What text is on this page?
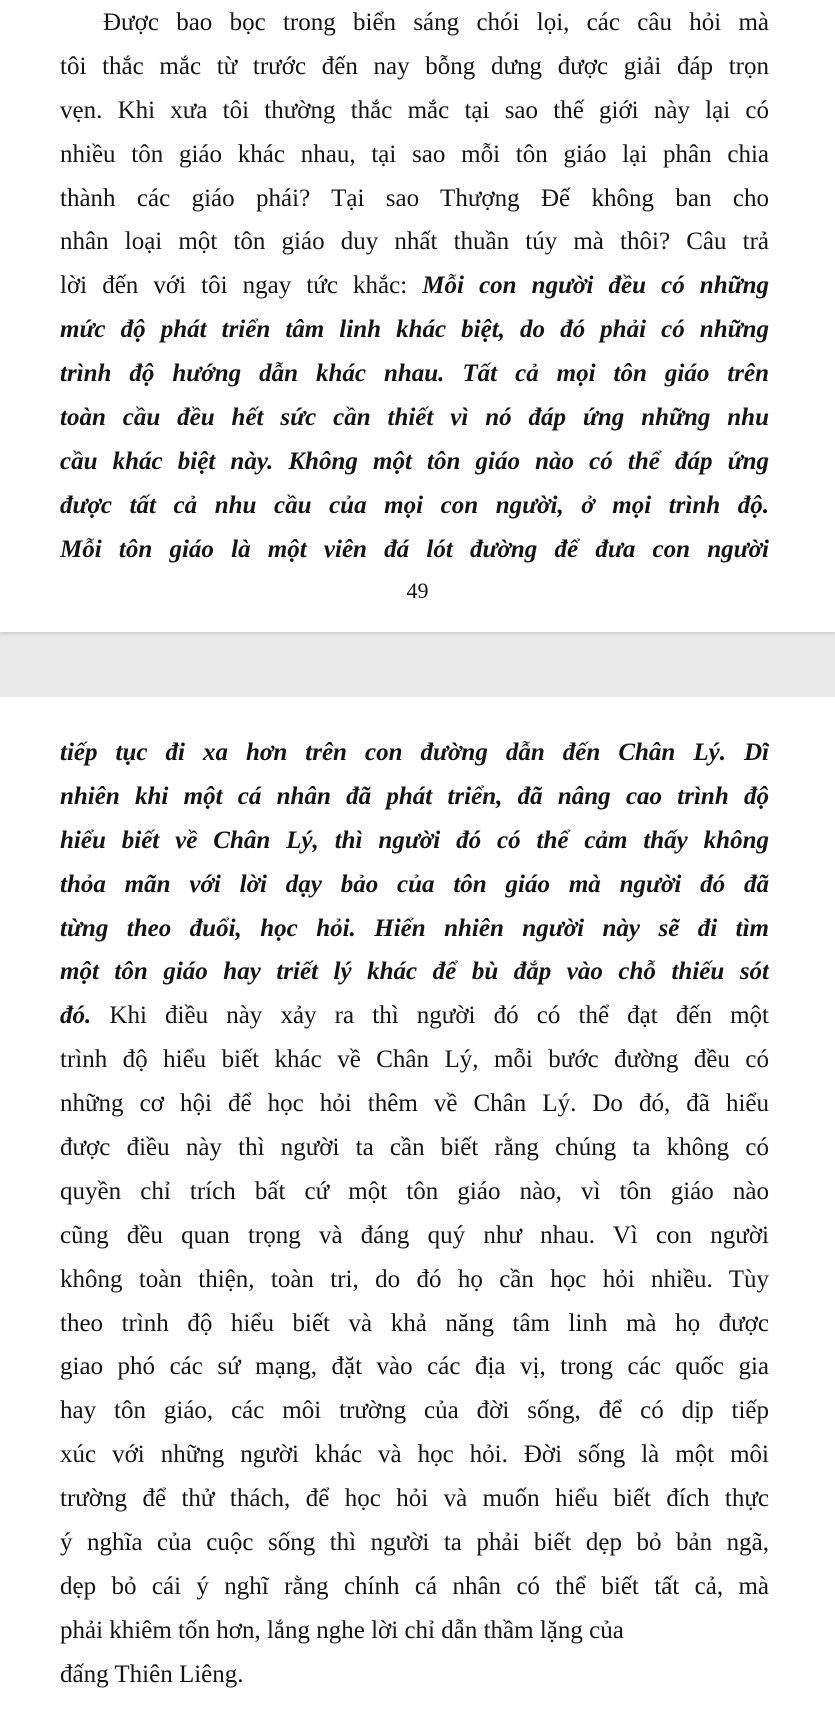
Được bao bọc trong biển sáng chói lọi, các câu hỏi mà
tôi thắc mắc từ trước đến nay bỗng dưng được giải đáp trọn
vẹn. Khi xưa tôi thường thắc mắc tại sao thế giới này lại có
nhiều tôn giáo khác nhau, tại sao mỗi tôn giáo lại phân chia
thành các giáo phái? Tại sao Thượng Đế không ban cho
nhân loại một tôn giáo duy nhất thuần túy mà thôi? Câu trả
lời đến với tôi ngay tức khắc: Mỗi con người đều có những
mức độ phát triển tâm linh khác biệt, do đó phải có những
trình độ hướng dẫn khác nhau. Tất cả mọi tôn giáo trên
toàn cầu đều hết sức cần thiết vì nó đáp ứng những nhu
cầu khác biệt này. Không một tôn giáo nào có thể đáp ứng
được tất cả nhu cầu của mọi con người, ở mọi trình độ.
Mỗi tôn giáo là một viên đá lót đường để đưa con người
49
tiếp tục đi xa hơn trên con đường dẫn đến Chân Lý. Dĩ
nhiên khi một cá nhân đã phát triển, đã nâng cao trình độ
hiểu biết về Chân Lý, thì người đó có thể cảm thấy không
thỏa mãn với lời dạy bảo của tôn giáo mà người đó đã
từng theo đuổi, học hỏi. Hiển nhiên người này sẽ đi tìm
một tôn giáo hay triết lý khác để bù đắp vào chỗ thiếu sót
đó. Khi điều này xảy ra thì người đó có thể đạt đến một
trình độ hiểu biết khác về Chân Lý, mỗi bước đường đều có
những cơ hội để học hỏi thêm về Chân Lý. Do đó, đã hiểu
được điều này thì người ta cần biết rằng chúng ta không có
quyền chỉ trích bất cứ một tôn giáo nào, vì tôn giáo nào
cũng đều quan trọng và đáng quý như nhau. Vì con người
không toàn thiện, toàn tri, do đó họ cần học hỏi nhiều. Tùy
theo trình độ hiểu biết và khả năng tâm linh mà họ được
giao phó các sứ mạng, đặt vào các địa vị, trong các quốc gia
hay tôn giáo, các môi trường của đời sống, để có dịp tiếp
xúc với những người khác và học hỏi. Đời sống là một môi
trường để thử thách, để học hỏi và muốn hiểu biết đích thực
ý nghĩa của cuộc sống thì người ta phải biết dẹp bỏ bản ngã,
dẹp bỏ cái ý nghĩ rằng chính cá nhân có thể biết tất cả, mà
phải khiêm tốn hơn, lắng nghe lời chỉ dẫn thầm lặng của
đấng Thiên Liêng.
